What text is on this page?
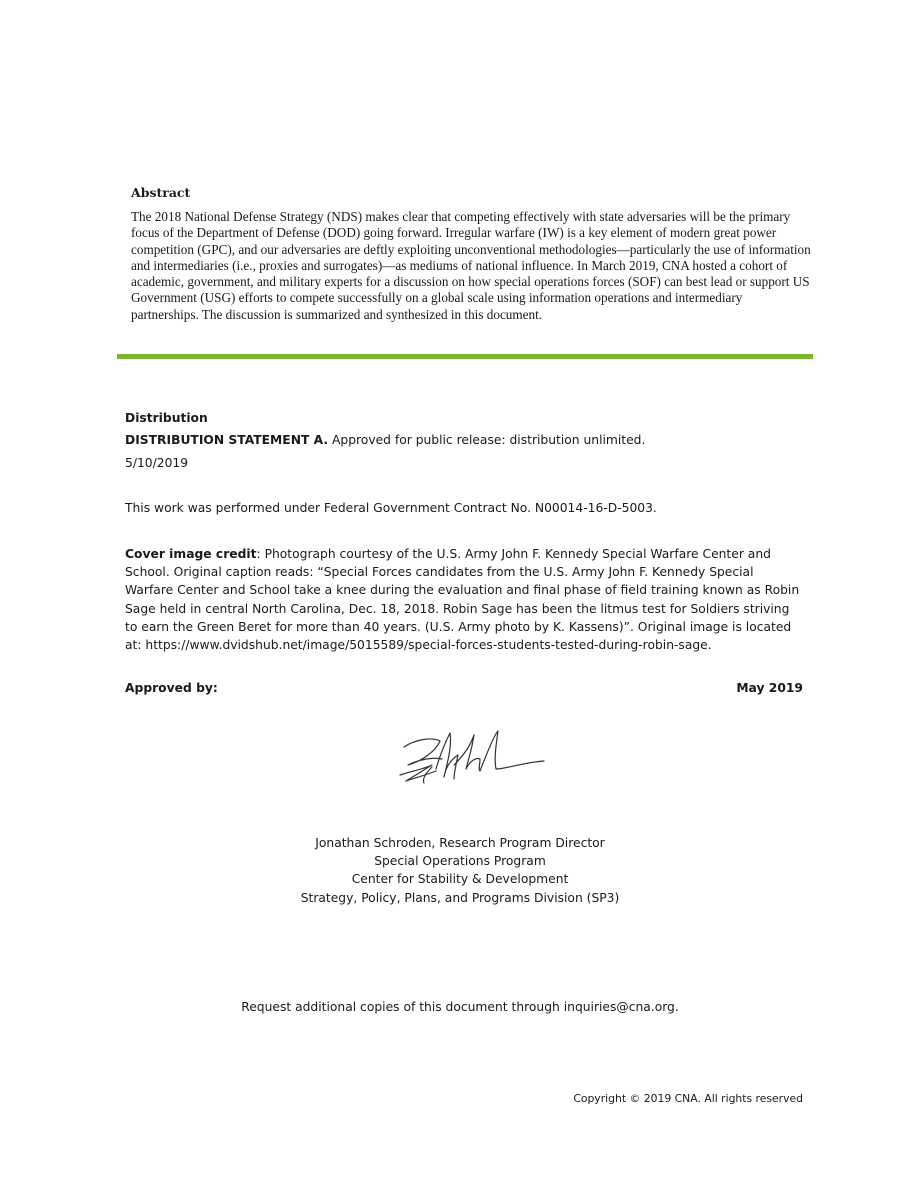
Abstract
The 2018 National Defense Strategy (NDS) makes clear that competing effectively with state adversaries will be the primary focus of the Department of Defense (DOD) going forward. Irregular warfare (IW) is a key element of modern great power competition (GPC), and our adversaries are deftly exploiting unconventional methodologies—particularly the use of information and intermediaries (i.e., proxies and surrogates)—as mediums of national influence. In March 2019, CNA hosted a cohort of academic, government, and military experts for a discussion on how special operations forces (SOF) can best lead or support US Government (USG) efforts to compete successfully on a global scale using information operations and intermediary partnerships. The discussion is summarized and synthesized in this document.
Distribution
DISTRIBUTION STATEMENT A. Approved for public release: distribution unlimited.
5/10/2019
This work was performed under Federal Government Contract No. N00014-16-D-5003.
Cover image credit: Photograph courtesy of the U.S. Army John F. Kennedy Special Warfare Center and School. Original caption reads: “Special Forces candidates from the U.S. Army John F. Kennedy Special Warfare Center and School take a knee during the evaluation and final phase of field training known as Robin Sage held in central North Carolina, Dec. 18, 2018. Robin Sage has been the litmus test for Soldiers striving to earn the Green Beret for more than 40 years. (U.S. Army photo by K. Kassens)”. Original image is located at: https://www.dvidshub.net/image/5015589/special-forces-students-tested-during-robin-sage.
Approved by:	May 2019
Jonathan Schroden, Research Program Director
Special Operations Program
Center for Stability & Development
Strategy, Policy, Plans, and Programs Division (SP3)
Request additional copies of this document through inquiries@cna.org.
Copyright © 2019 CNA. All rights reserved
